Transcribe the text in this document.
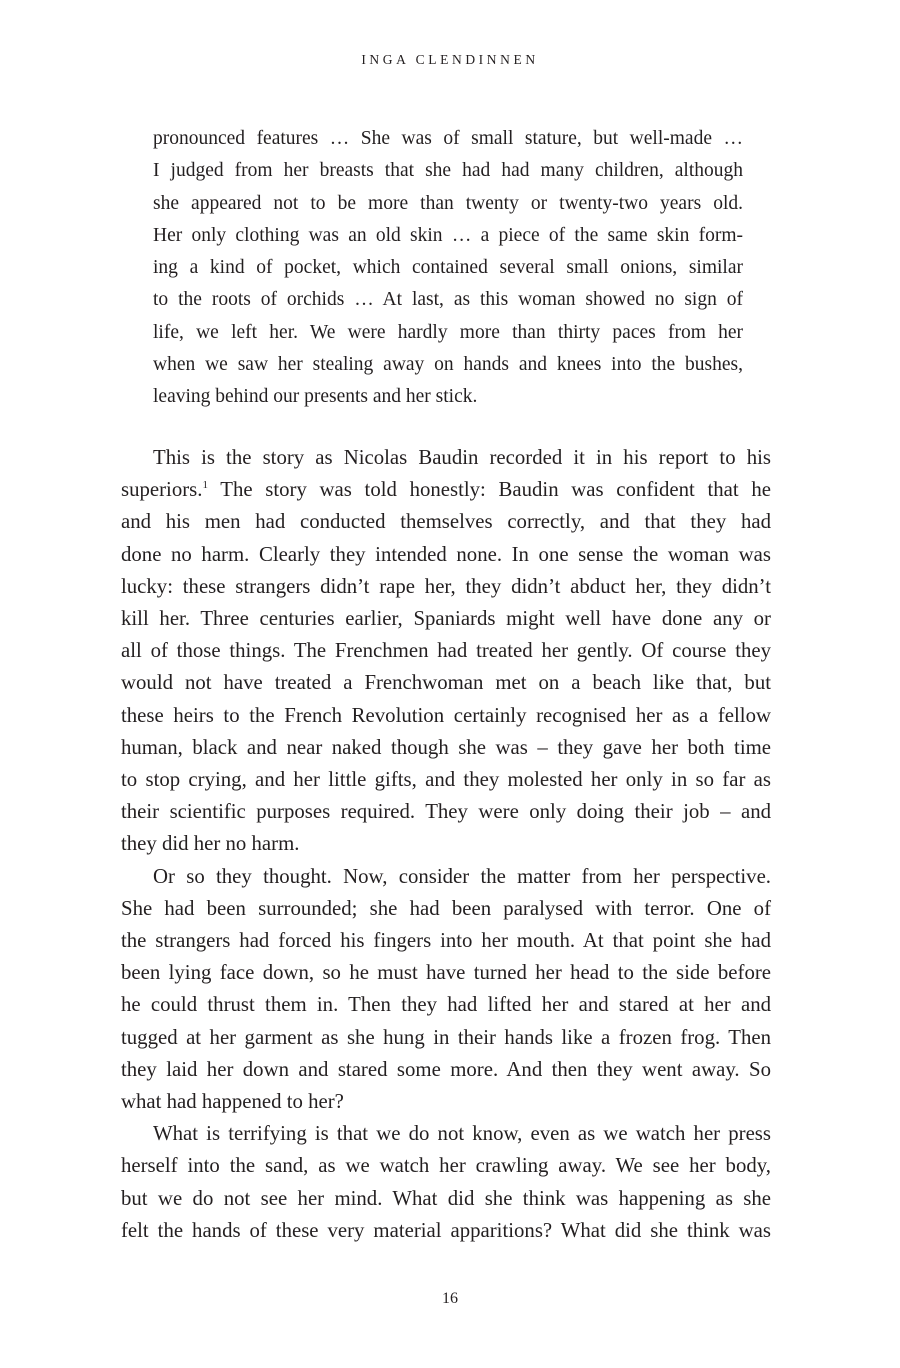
INGA CLENDINNEN
pronounced features … She was of small stature, but well-made …
I judged from her breasts that she had had many children, although
she appeared not to be more than twenty or twenty-two years old.
Her only clothing was an old skin … a piece of the same skin form-
ing a kind of pocket, which contained several small onions, similar
to the roots of orchids … At last, as this woman showed no sign of
life, we left her. We were hardly more than thirty paces from her
when we saw her stealing away on hands and knees into the bushes,
leaving behind our presents and her stick.
This is the story as Nicolas Baudin recorded it in his report to his
superiors.$^1$ The story was told honestly: Baudin was confident that he
and his men had conducted themselves correctly, and that they had
done no harm. Clearly they intended none. In one sense the woman was
lucky: these strangers didn’t rape her, they didn’t abduct her, they didn’t
kill her. Three centuries earlier, Spaniards might well have done any or
all of those things. The Frenchmen had treated her gently. Of course they
would not have treated a Frenchwoman met on a beach like that, but
these heirs to the French Revolution certainly recognised her as a fellow
human, black and near naked though she was – they gave her both time
to stop crying, and her little gifts, and they molested her only in so far as
their scientific purposes required. They were only doing their job – and
they did her no harm.
Or so they thought. Now, consider the matter from her perspective.
She had been surrounded; she had been paralysed with terror. One of
the strangers had forced his fingers into her mouth. At that point she had
been lying face down, so he must have turned her head to the side before
he could thrust them in. Then they had lifted her and stared at her and
tugged at her garment as she hung in their hands like a frozen frog. Then
they laid her down and stared some more. And then they went away. So
what had happened to her?
What is terrifying is that we do not know, even as we watch her press
herself into the sand, as we watch her crawling away. We see her body,
but we do not see her mind. What did she think was happening as she
felt the hands of these very material apparitions? What did she think was
16
